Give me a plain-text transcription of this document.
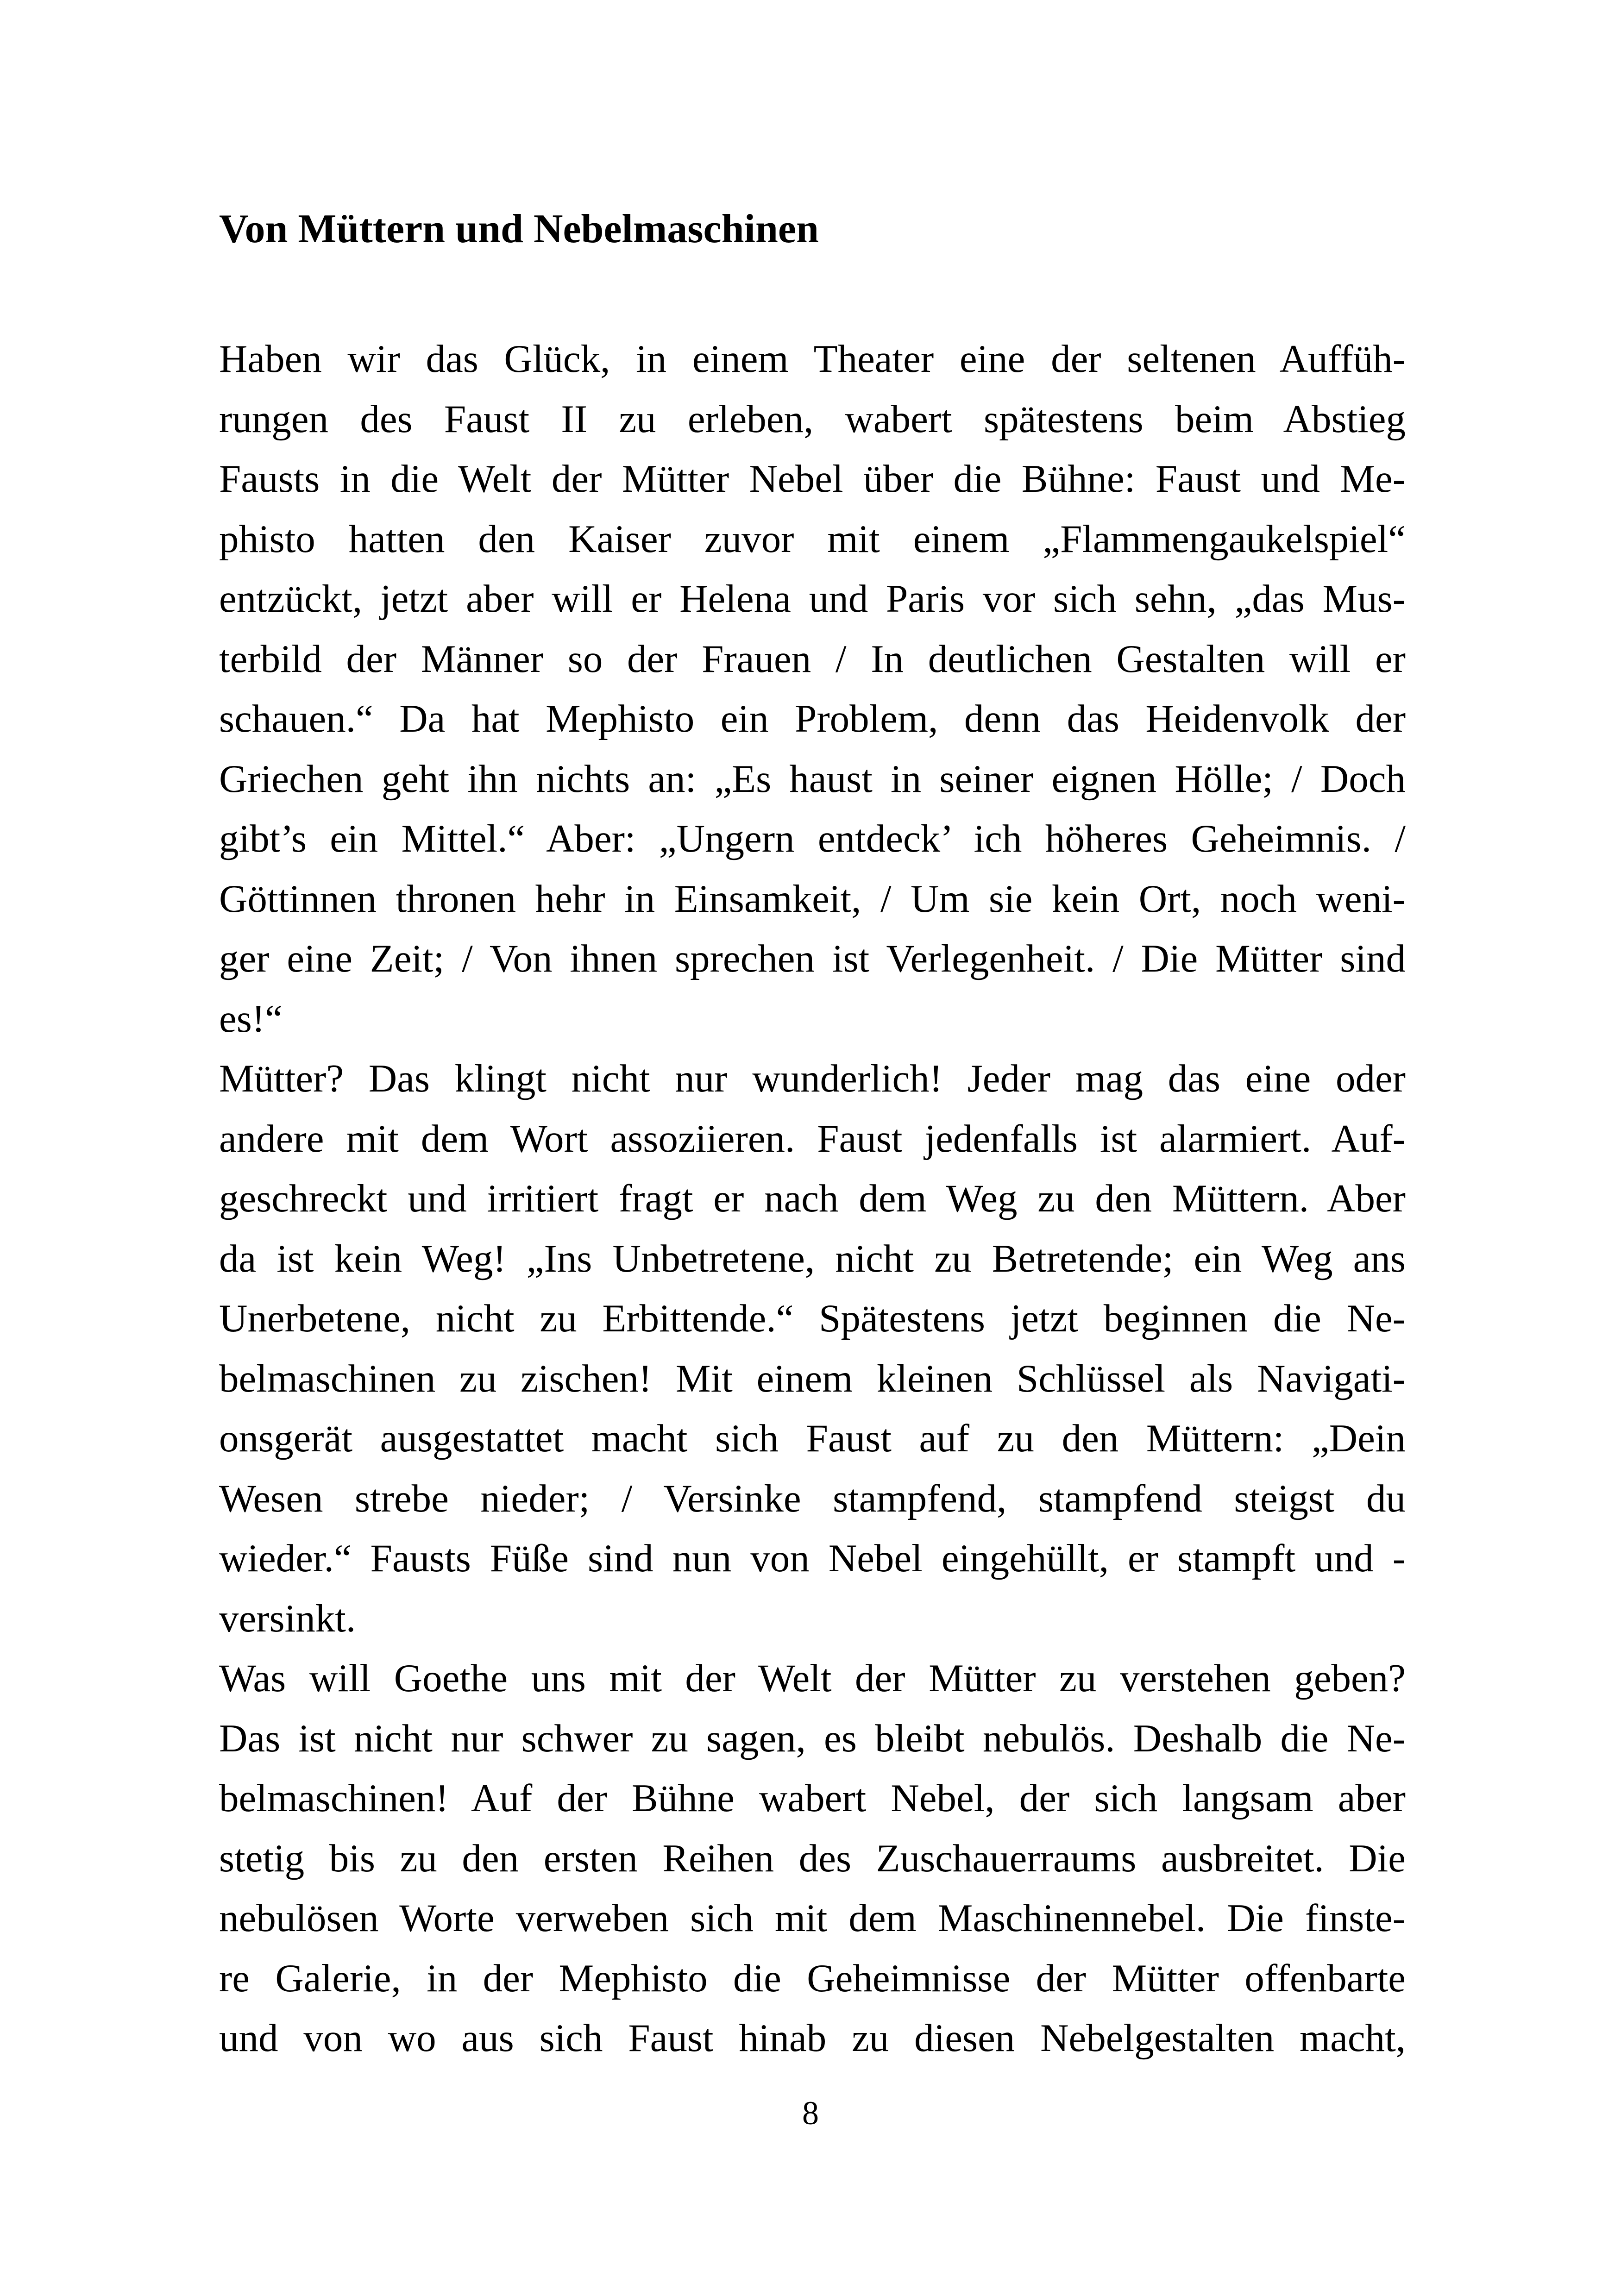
Von Müttern und Nebelmaschinen
Haben wir das Glück, in einem Theater eine der seltenen Auffüh-
rungen des Faust II zu erleben, wabert spätestens beim Abstieg
Fausts in die Welt der Mütter Nebel über die Bühne: Faust und Me-
phisto hatten den Kaiser zuvor mit einem „Flammengaukelspiel“
entzückt, jetzt aber will er Helena und Paris vor sich sehn, „das Mus-
terbild der Männer so der Frauen / In deutlichen Gestalten will er
schauen.“ Da hat Mephisto ein Problem, denn das Heidenvolk der
Griechen geht ihn nichts an: „Es haust in seiner eignen Hölle; / Doch
gibt’s ein Mittel.“ Aber: „Ungern entdeck’ ich höheres Geheimnis. /
Göttinnen thronen hehr in Einsamkeit, / Um sie kein Ort, noch weni-
ger eine Zeit; / Von ihnen sprechen ist Verlegenheit. / Die Mütter sind
es!“
Mütter? Das klingt nicht nur wunderlich! Jeder mag das eine oder
andere mit dem Wort assoziieren. Faust jedenfalls ist alarmiert. Auf-
geschreckt und irritiert fragt er nach dem Weg zu den Müttern. Aber
da ist kein Weg! „Ins Unbetretene, nicht zu Betretende; ein Weg ans
Unerbetene, nicht zu Erbittende.“ Spätestens jetzt beginnen die Ne-
belmaschinen zu zischen! Mit einem kleinen Schlüssel als Navigati-
onsgerät ausgestattet macht sich Faust auf zu den Müttern: „Dein
Wesen strebe nieder; / Versinke stampfend, stampfend steigst du
wieder.“ Fausts Füße sind nun von Nebel eingehüllt, er stampft und -
versinkt.
Was will Goethe uns mit der Welt der Mütter zu verstehen geben?
Das ist nicht nur schwer zu sagen, es bleibt nebulös. Deshalb die Ne-
belmaschinen! Auf der Bühne wabert Nebel, der sich langsam aber
stetig bis zu den ersten Reihen des Zuschauerraums ausbreitet. Die
nebulösen Worte verweben sich mit dem Maschinennebel. Die finste-
re Galerie, in der Mephisto die Geheimnisse der Mütter offenbarte
und von wo aus sich Faust hinab zu diesen Nebelgestalten macht,
8
